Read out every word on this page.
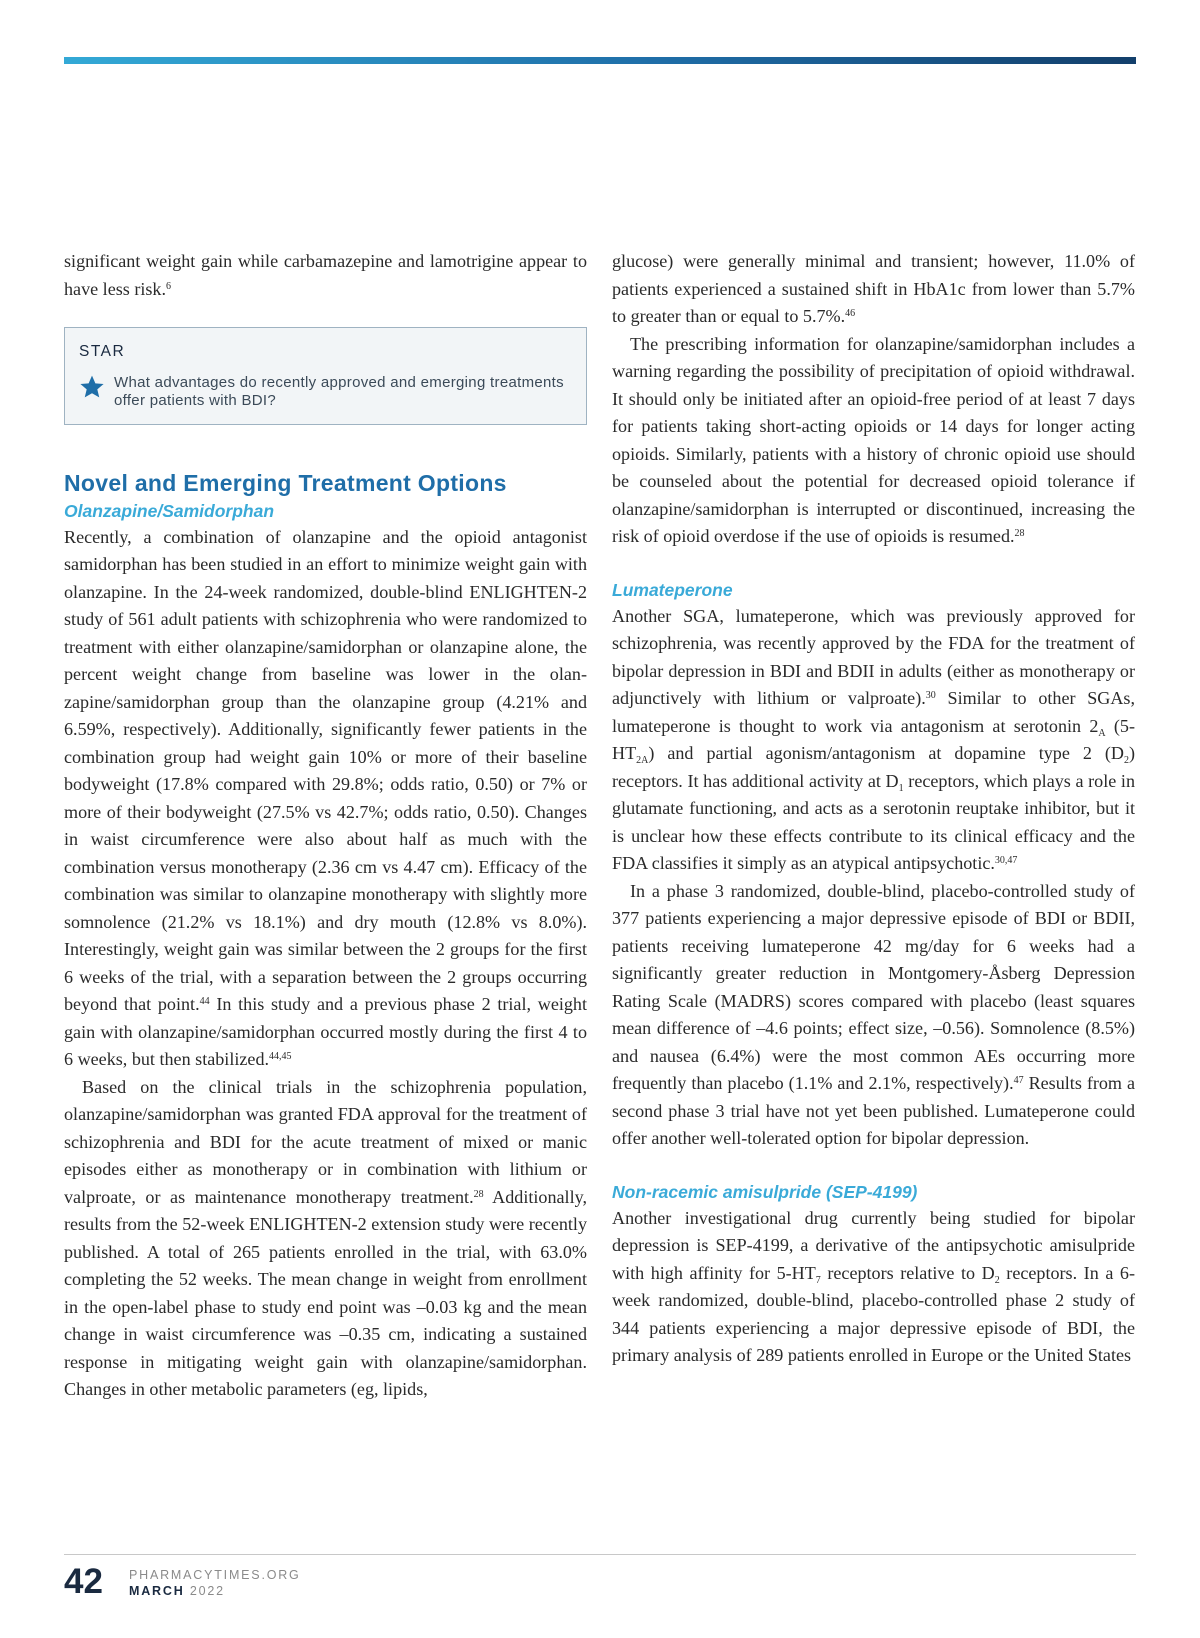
significant weight gain while carbamazepine and lamotrigine appear to have less risk.$^6$

STAR
What advantages do recently approved and emerging treatments offer patients with BDI?
Novel and Emerging Treatment Options
Olanzapine/Samidorphan

Recently, a combination of olanzapine and the opioid antagonist samidorphan has been studied in an effort to minimize weight gain with olanzapine. In the 24-week randomized, double-blind ENLIGHTEN-2 study of 561 adult patients with schizophrenia who were randomized to treatment with either olanzapine/samidorphan or olanzapine alone, the percent weight change from baseline was lower in the olanzapine/samidorphan group than the olanzapine group (4.21% and 6.59%, respectively). Additionally, significantly fewer patients in the combination group had weight gain 10% or more of their baseline bodyweight (17.8% compared with 29.8%; odds ratio, 0.50) or 7% or more of their bodyweight (27.5% vs 42.7%; odds ratio, 0.50). Changes in waist circumference were also about half as much with the combination versus monotherapy (2.36 cm vs 4.47 cm). Efficacy of the combination was similar to olanzapine monotherapy with slightly more somnolence (21.2% vs 18.1%) and dry mouth (12.8% vs 8.0%). Interestingly, weight gain was similar between the 2 groups for the first 6 weeks of the trial, with a separation between the 2 groups occurring beyond that point.$^{44}$ In this study and a previous phase 2 trial, weight gain with olanzapine/samidorphan occurred mostly during the first 4 to 6 weeks, but then stabilized.$^{44,45}$

Based on the clinical trials in the schizophrenia population, olanzapine/samidorphan was granted FDA approval for the treatment of schizophrenia and BDI for the acute treatment of mixed or manic episodes either as monotherapy or in combination with lithium or valproate, or as maintenance monotherapy treatment.$^{28}$ Additionally, results from the 52-week ENLIGHTEN-2 extension study were recently published. A total of 265 patients enrolled in the trial, with 63.0% completing the 52 weeks. The mean change in weight from enrollment in the open-label phase to study end point was –0.03 kg and the mean change in waist circumference was –0.35 cm, indicating a sustained response in mitigating weight gain with olanzapine/​samidorphan. Changes in other metabolic parameters (eg, lipids,

glucose) were generally minimal and transient; however, 11.0% of patients experienced a sustained shift in HbA1c from lower than 5.7% to greater than or equal to 5.7%.$^{46}$

The prescribing information for olanzapine/samidorphan includes a warning regarding the possibility of precipitation of opioid withdrawal. It should only be initiated after an opioid-free period of at least 7 days for patients taking short-acting opioids or 14 days for longer acting opioids. Similarly, patients with a history of chronic opioid use should be counseled about the potential for decreased opioid tolerance if olanzapine/samidorphan is interrupted or discontinued, increasing the risk of opioid overdose if the use of opioids is resumed.$^{28}$

Lumateperone

Another SGA, lumateperone, which was previously approved for schizophrenia, was recently approved by the FDA for the treatment of bipolar depression in BDI and BDII in adults (either as monotherapy or adjunctively with lithium or valproate).$^{30}$ Similar to other SGAs, lumateperone is thought to work via antagonism at serotonin $2_A$ $(5-HT_{2A})$ and partial agonism/antagonism at dopamine type 2 $(D_2)$ receptors. It has additional activity at $D_1$ receptors, which plays a role in glutamate functioning, and acts as a serotonin reuptake inhibitor, but it is unclear how these effects contribute to its clinical efficacy and the FDA classifies it simply as an atypical antipsychotic.$^{30,47}$

In a phase 3 randomized, double-blind, placebo-controlled study of 377 patients experiencing a major depressive episode of BDI or BDII, patients receiving lumateperone 42 mg/day for 6 weeks had a significantly greater reduction in Montgomery-Åsberg Depression Rating Scale (MADRS) scores compared with placebo (least squares mean difference of –4.6 points; effect size, –0.56). Somnolence (8.5%) and nausea (6.4%) were the most common AEs occurring more frequently than placebo (1.1% and 2.1%, respectively).$^{47}$ Results from a second phase 3 trial have not yet been published. Lumateperone could offer another well-tolerated option for bipolar depression.

Non-racemic amisulpride (SEP-4199)

Another investigational drug currently being studied for bipolar depression is SEP-4199, a derivative of the antipsychotic amisulpride with high affinity for $5-HT_7$ receptors relative to $D_2$ receptors. In a 6-week randomized, double-blind, placebo-controlled phase 2 study of 344 patients experiencing a major depressive episode of BDI, the primary analysis of 289 patients enrolled in Europe or the United States

42 PHARMACYTIMES.ORG
MARCH 2022
